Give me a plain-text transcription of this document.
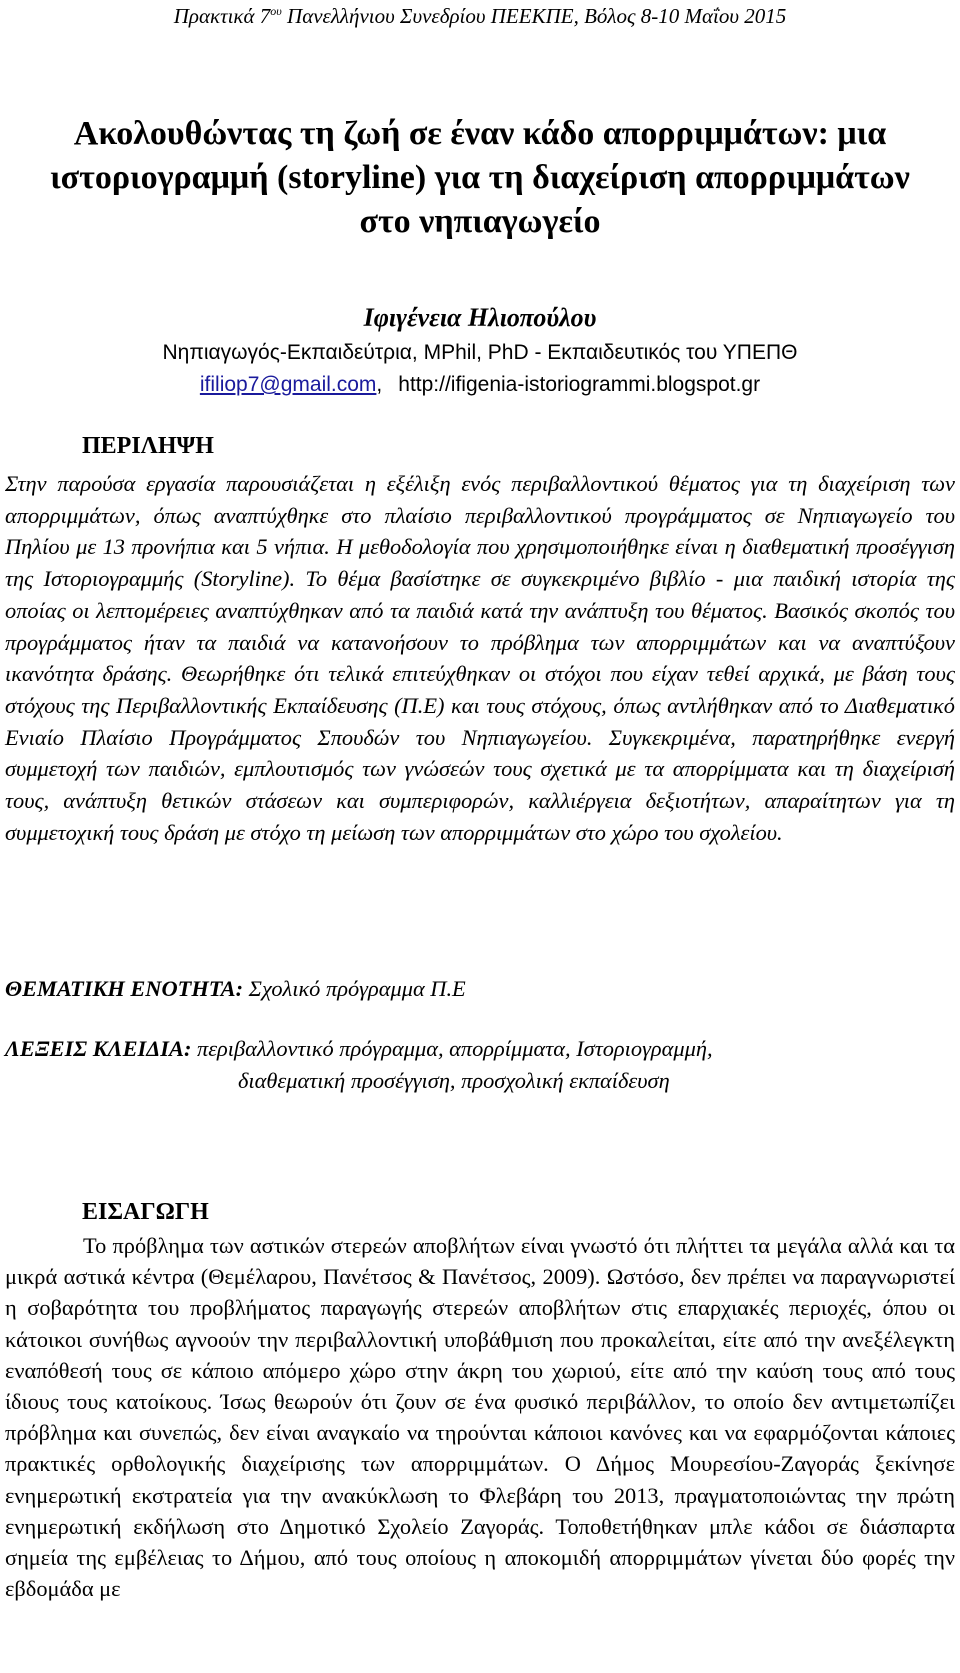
Πρακτικά $7^{o\upsilon}$ Πανελλήνιου Συνεδρίου ΠΕΕΚΠΕ, Βόλος 8-10 Μαΐου 2015
Ακολουθώντας τη ζωή σε έναν κάδο απορριμμάτων: μια
ιστοριογραμμή (storyline) για τη διαχείριση απορριμμάτων
στο νηπιαγωγείο
Ιφιγένεια Ηλιοπούλου
Νηπιαγωγός-Εκπαιδεύτρια, MPhil, PhD - Εκπαιδευτικός του ΥΠΕΠΘ
ifiliop7@gmail.com, http://ifigenia-istoriogrammi.blogspot.gr
ΠΕΡΙΛΗΨΗ

Στην παρούσα εργασία παρουσιάζεται η εξέλιξη ενός περιβαλλοντικού θέματος για τη διαχείριση των απορριμμάτων, όπως αναπτύχθηκε στο πλαίσιο περιβαλλοντικού προγράμματος σε Νηπιαγωγείο του Πηλίου με 13 προνήπια και 5 νήπια. Η μεθοδολογία που χρησιμοποιήθηκε είναι η διαθεματική προσέγγιση της Ιστοριογραμμής (Storyline). Το θέμα βασίστηκε σε συγκεκριμένο βιβλίο - μια παιδική ιστορία της οποίας οι λεπτομέρειες αναπτύχθηκαν από τα παιδιά κατά την ανάπτυξη του θέματος. Βασικός σκοπός του προγράμματος ήταν τα παιδιά να κατανοήσουν το πρόβλημα των απορριμμάτων και να αναπτύξουν ικανότητα δράσης. Θεωρήθηκε ότι τελικά επιτεύχθηκαν οι στόχοι που είχαν τεθεί αρχικά, με βάση τους στόχους της Περιβαλλοντικής Εκπαίδευσης (Π.Ε) και τους στόχους, όπως αντλήθηκαν από το Διαθεματικό Ενιαίο Πλαίσιο Προγράμματος Σπουδών του Νηπιαγωγείου. Συγκεκριμένα, παρατηρήθηκε ενεργή συμμετοχή των παιδιών, εμπλουτισμός των γνώσεών τους σχετικά με τα απορρίμματα και τη διαχείρισή τους, ανάπτυξη θετικών στάσεων και συμπεριφορών, καλλιέργεια δεξιοτήτων, απαραίτητων για τη συμμετοχική τους δράση με στόχο τη μείωση των απορριμμάτων στο χώρο του σχολείου.

ΘΕΜΑΤΙΚΗ ΕΝΟΤΗΤΑ: Σχολικό πρόγραμμα Π.Ε
ΛΕΞΕΙΣ ΚΛΕΙΔΙΑ: περιβαλλοντικό πρόγραμμα, απορρίμματα, Ιστοριογραμμή,
διαθεματική προσέγγιση, προσχολική εκπαίδευση
ΕΙΣΑΓΩΓΗ

Το πρόβλημα των αστικών στερεών αποβλήτων είναι γνωστό ότι πλήττει τα μεγάλα αλλά και τα μικρά αστικά κέντρα (Θεμέλαρου, Πανέτσος & Πανέτσος, 2009). Ωστόσο, δεν πρέπει να παραγνωριστεί η σοβαρότητα του προβλήματος παραγωγής στερεών αποβλήτων στις επαρχιακές περιοχές, όπου οι κάτοικοι συνήθως αγνοούν την περιβαλλοντική υποβάθμιση που προκαλείται, είτε από την ανεξέλεγκτη εναπόθεσή τους σε κάποιο απόμερο χώρο στην άκρη του χωριού, είτε από την καύση τους από τους ίδιους τους κατοίκους. Ίσως θεωρούν ότι ζουν σε ένα φυσικό περιβάλλον, το οποίο δεν αντιμετωπίζει πρόβλημα και συνεπώς, δεν είναι αναγκαίο να τηρούνται κάποιοι κανόνες και να εφαρμόζονται κάποιες πρακτικές ορθολογικής διαχείρισης των απορριμμάτων. Ο Δήμος Μουρεσίου-Ζαγοράς ξεκίνησε ενημερωτική εκστρατεία για την ανακύκλωση το Φλεβάρη του 2013, πραγματοποιώντας την πρώτη ενημερωτική εκδήλωση στο Δημοτικό Σχολείο Ζαγοράς. Τοποθετήθηκαν μπλε κάδοι σε διάσπαρτα σημεία της εμβέλειας το Δήμου, από τους οποίους η αποκομιδή απορριμμάτων γίνεται δύο φορές την εβδομάδα με
